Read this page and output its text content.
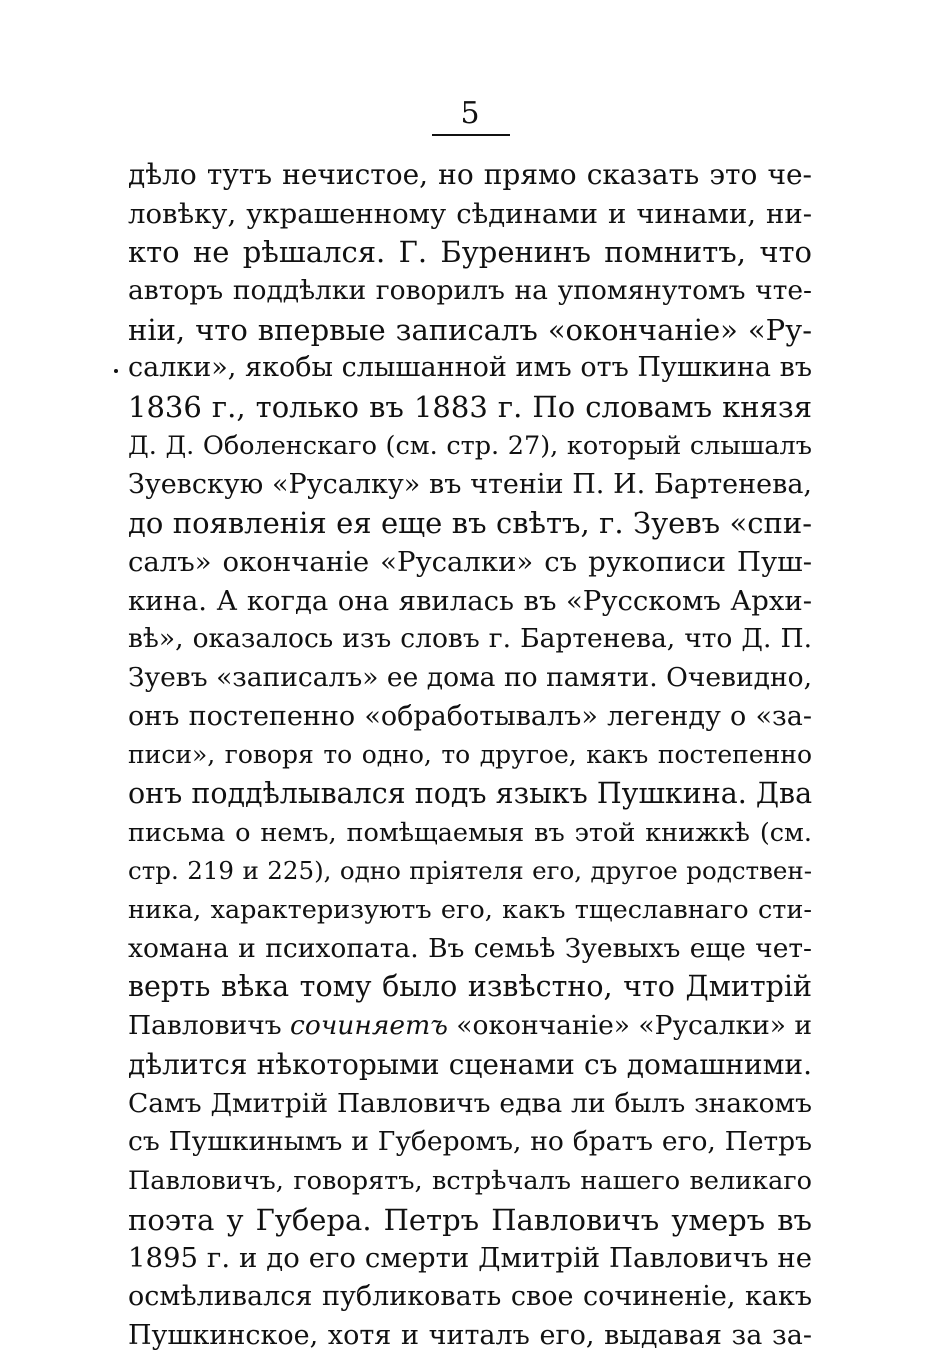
5
дѣло тутъ нечистое, но прямо сказать это че-
ловѣку, украшенному сѣдинами и чинами, ни-
кто не рѣшался. Г. Буренинъ помнитъ, что
авторъ поддѣлки говорилъ на упомянутомъ чте-
ніи, что впервые записалъ «окончаніе» «Ру-
салки», якобы слышанной имъ отъ Пушкина въ
1836 г., только въ 1883 г. По словамъ князя
Д. Д. Оболенскаго (см. стр. 27), который слышалъ
Зуевскую «Русалку» въ чтеніи П. И. Бартенева,
до появленія ея еще въ свѣтъ, г. Зуевъ «спи-
салъ» окончаніе «Русалки» съ рукописи Пуш-
кина. А когда она явилась въ «Русскомъ Архи-
вѣ», оказалось изъ словъ г. Бартенева, что Д. П.
Зуевъ «записалъ» ее дома по памяти. Очевидно,
онъ постепенно «обработывалъ» легенду о «за-
писи», говоря то одно, то другое, какъ постепенно
онъ поддѣлывался подъ языкъ Пушкина. Два
письма о немъ, помѣщаемыя въ этой книжкѣ (см.
стр. 219 и 225), одно пріятеля его, другое родствен-
ника, характеризуютъ его, какъ тщеславнаго сти-
хомана и психопата. Въ семьѣ Зуевыхъ еще чет-
верть вѣка тому было извѣстно, что Дмитрій
Павловичъ сочиняетъ «окончаніе» «Русалки» и
дѣлится нѣкоторыми сценами съ домашними.
Самъ Дмитрій Павловичъ едва ли былъ знакомъ
съ Пушкинымъ и Губеромъ, но братъ его, Петръ
Павловичъ, говорятъ, встрѣчалъ нашего великаго
поэта у Губера. Петръ Павловичъ умеръ въ
1895 г. и до его смерти Дмитрій Павловичъ не
осмѣливался публиковать свое сочиненіе, какъ
Пушкинское, хотя и читалъ его, выдавая за за-
